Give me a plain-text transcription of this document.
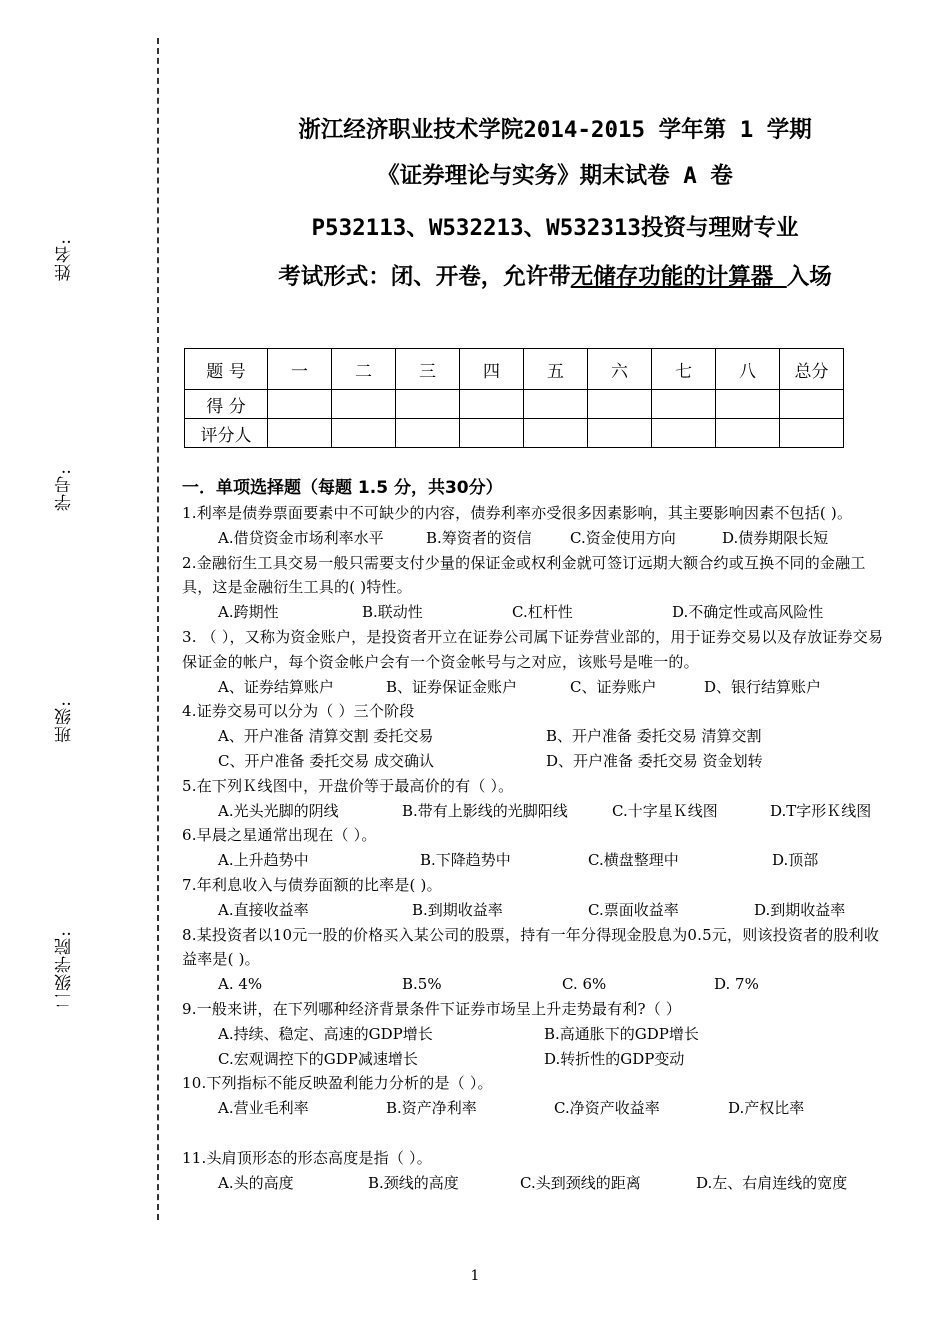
姓名:
学号:
班级:
二级学院:
浙江经济职业技术学院2014-2015 学年第 1 学期
《证券理论与实务》期末试卷 A 卷
P532113、W532213、W532313投资与理财专业
考试形式：闭、开卷，允许带无储存功能的计算器 入场
题 号	一	二	三	四	五	六	七	八	总分
得 分									
评分人									
一．单项选择题（每题 1.5 分，共30分）
1.利率是债券票面要素中不可缺少的内容，债券利率亦受很多因素影响，其主要影响因素不包括( )。
A.借贷资金市场利率水平	B.筹资者的资信	C.资金使用方向	D.债券期限长短
2.金融衍生工具交易一般只需要支付少量的保证金或权利金就可签订远期大额合约或互换不同的金融工具，这是金融衍生工具的( )特性。
A.跨期性	B.联动性	C.杠杆性	D.不确定性或高风险性
3. （ ），又称为资金账户，是投资者开立在证券公司属下证券营业部的，用于证券交易以及存放证券交易保证金的帐户，每个资金帐户会有一个资金帐号与之对应，该账号是唯一的。
A、证券结算账户	B、证券保证金账户	C、证券账户	D、银行结算账户
4.证券交易可以分为（ ）三个阶段
A、开户准备 清算交割 委托交易	B、开户准备 委托交易 清算交割
C、开户准备 委托交易 成交确认	D、开户准备 委托交易 资金划转
5.在下列Ｋ线图中，开盘价等于最高价的有（ ）。
A.光头光脚的阴线	B.带有上影线的光脚阳线	C.十字星Ｋ线图	D.T字形Ｋ线图
6.早晨之星通常出现在（ ）。
A.上升趋势中	B.下降趋势中	C.横盘整理中	D.顶部
7.年利息收入与债券面额的比率是( )。
A.直接收益率	B.到期收益率	C.票面收益率	D.到期收益率
8.某投资者以10元一股的价格买入某公司的股票，持有一年分得现金股息为0.5元，则该投资者的股利收益率是( )。
A. 4%	B.5%	C. 6%	D. 7%
9.一般来讲，在下列哪种经济背景条件下证券市场呈上升走势最有利?（ ）
A.持续、稳定、高速的GDP增长	B.高通胀下的GDP增长
C.宏观调控下的GDP减速增长	D.转折性的GDP变动
10.下列指标不能反映盈利能力分析的是（ ）。
A.营业毛利率	B.资产净利率	C.净资产收益率	D.产权比率
11.头肩顶形态的形态高度是指（ ）。
A.头的高度	B.颈线的高度	C.头到颈线的距离	D.左、右肩连线的宽度
1
